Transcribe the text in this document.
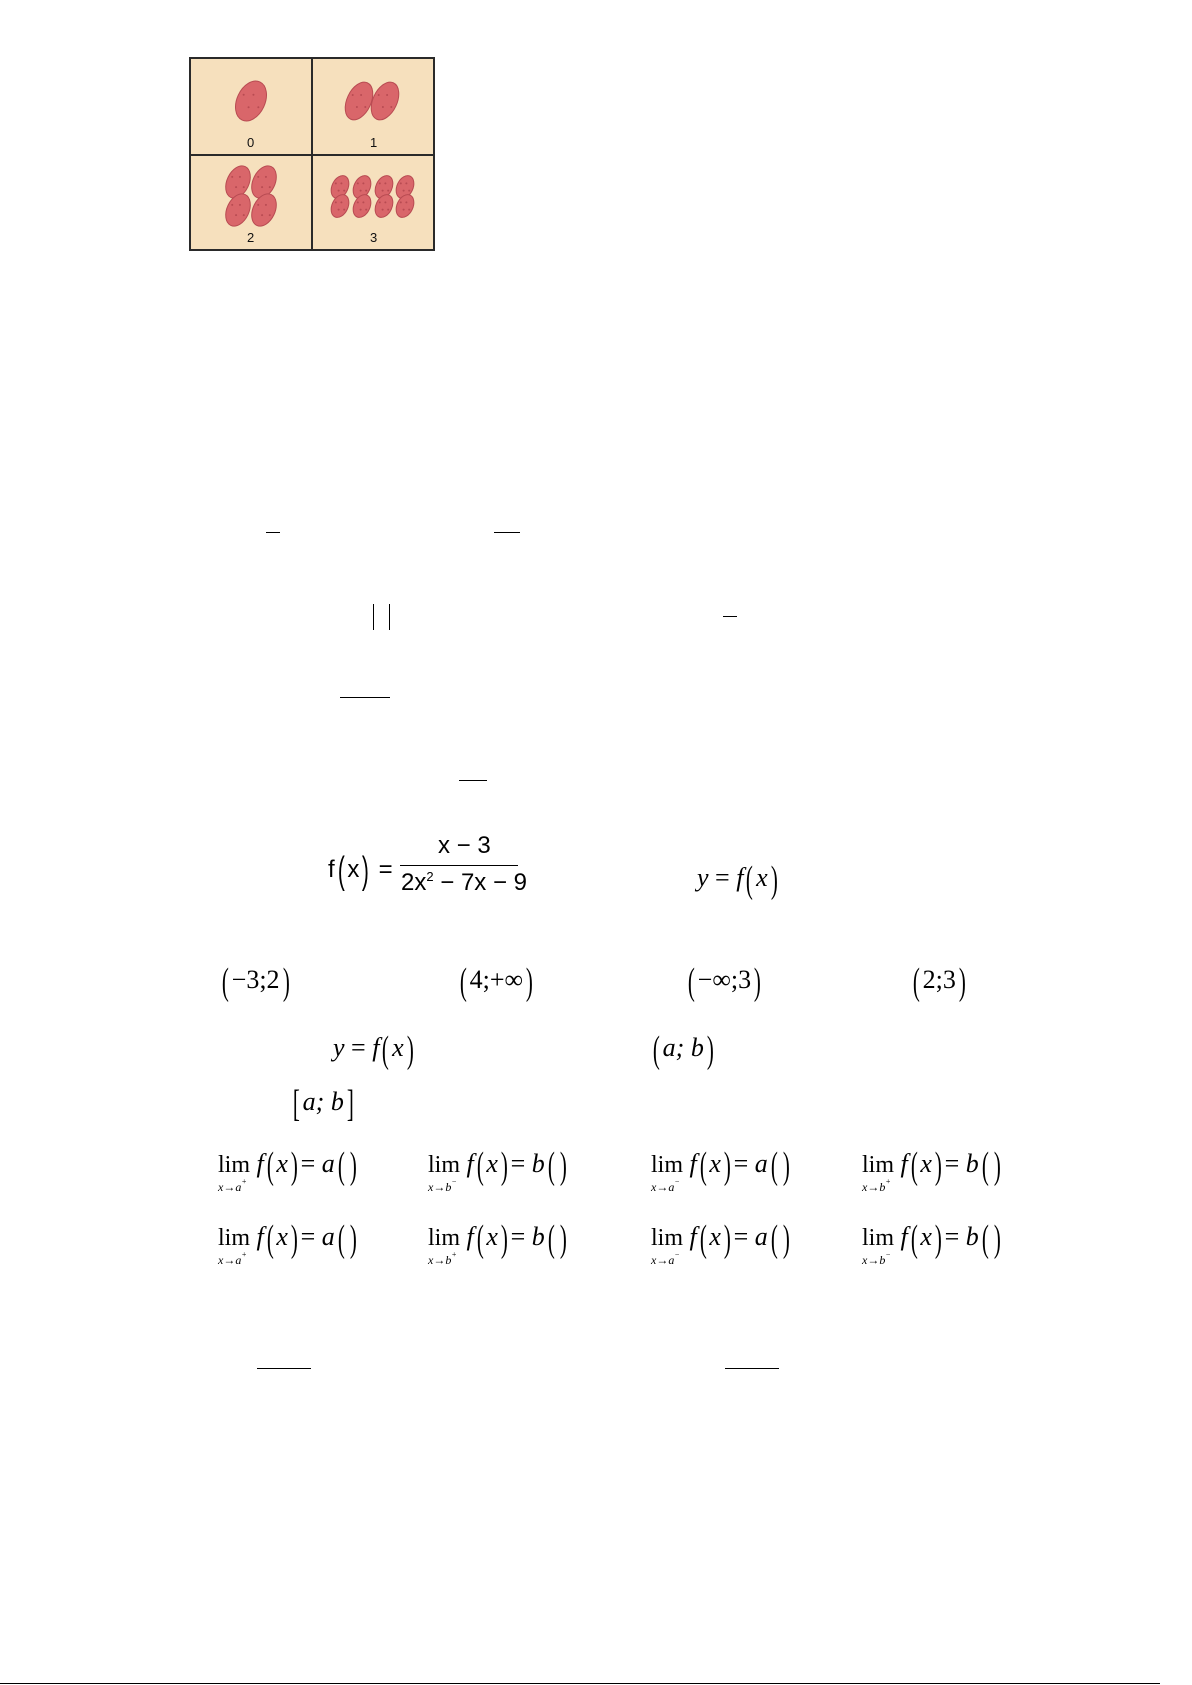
0	1
2	3
f( x) =
x − 3
$2x^2 - 7x - 9$	y = f( x)
( −3;2)	( 4;+∞)	( −∞;3)	( 2;3)
y = f( x)	( a; b)
[ a; b]
lim
x→a+
f( x) = a( )	lim
x→b−
f( x) = b( )	lim
x→a−
f( x) = a( )	lim
x→b+
f( x) = b( )
lim
x→a+
f( x) = a( )	lim
x→b+
f( x) = b( )	lim
x→a−
f( x) = a( )	lim
x→b−
f( x) = b( )
